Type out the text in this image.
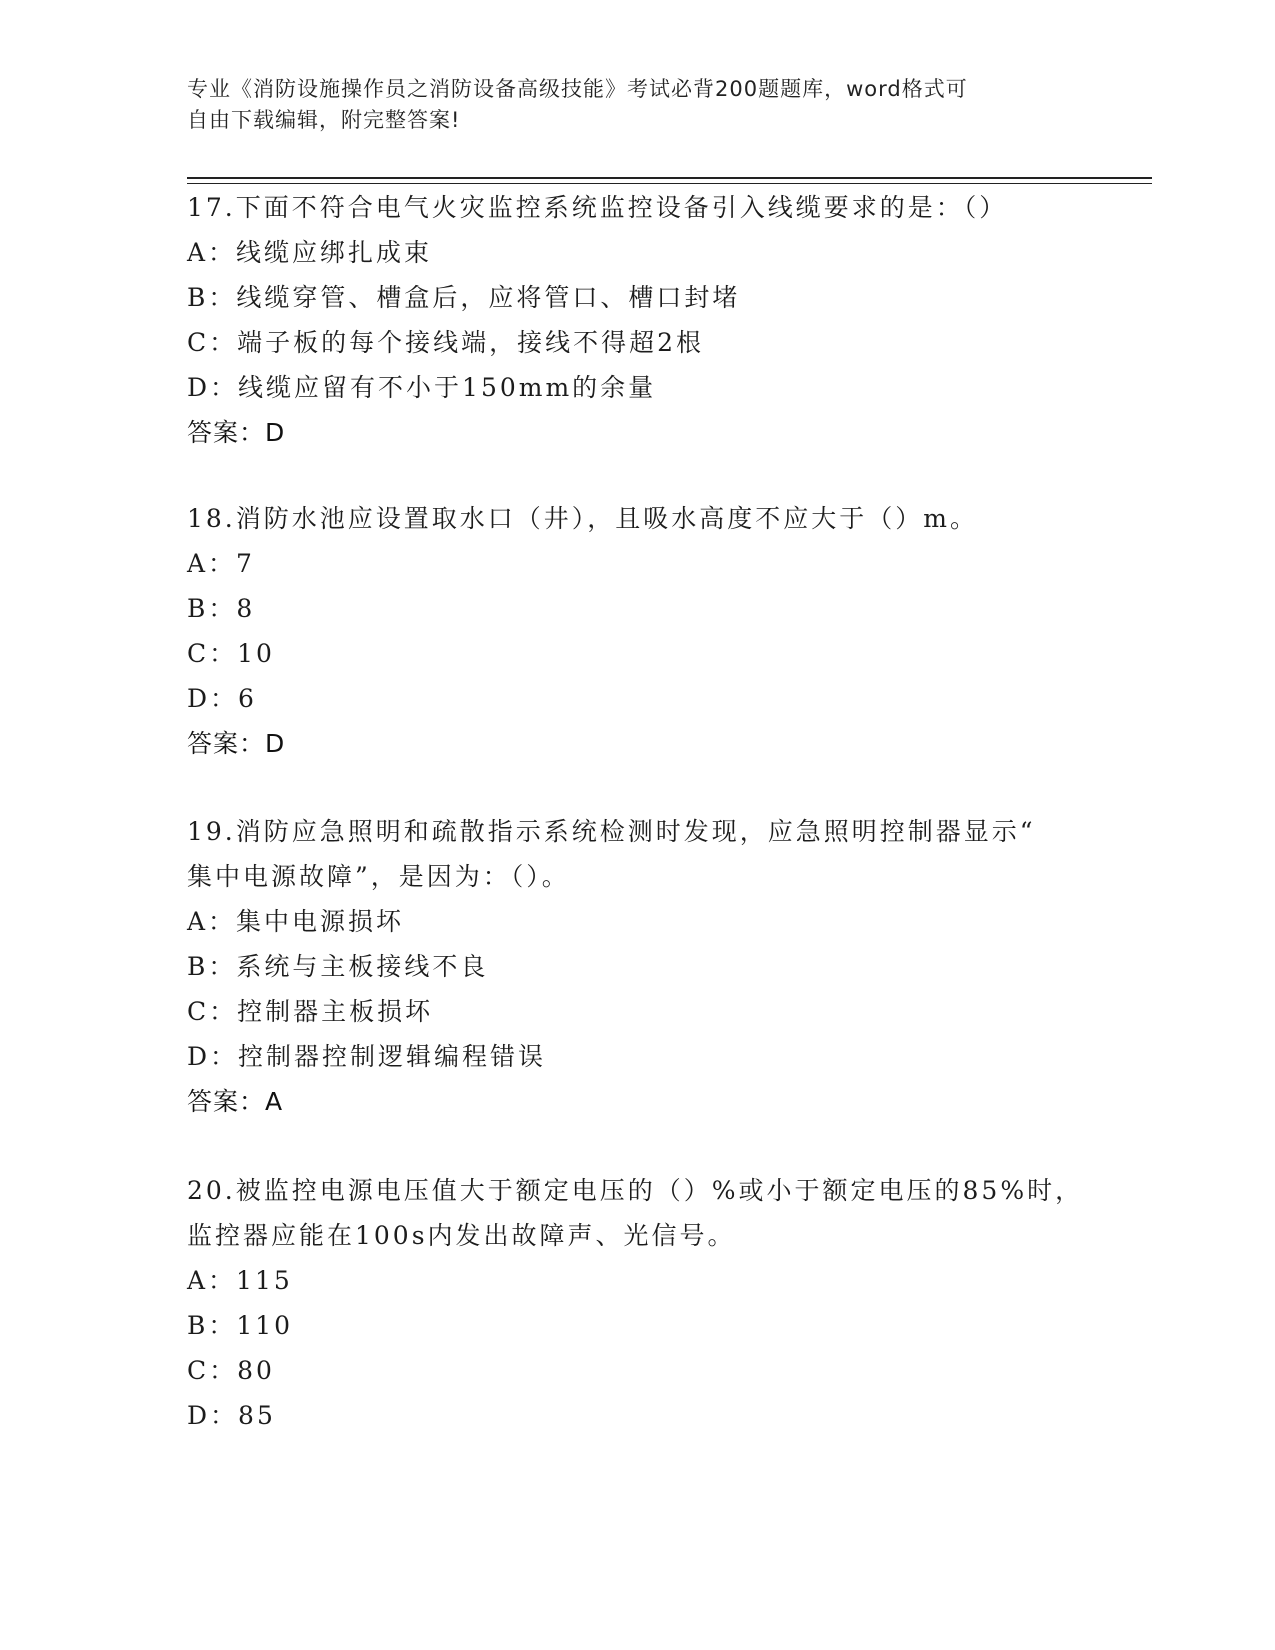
专业《消防设施操作员之消防设备高级技能》考试必背200题题库，word格式可
自由下载编辑，附完整答案!
17.下面不符合电气火灾监控系统监控设备引入线缆要求的是：（）
A：线缆应绑扎成束
B：线缆穿管、槽盒后，应将管口、槽口封堵
C：端子板的每个接线端，接线不得超2根
D：线缆应留有不小于150mm的余量
答案：D
18.消防水池应设置取水口（井），且吸水高度不应大于（）m。
A：7
B：8
C：10
D：6
答案：D
19.消防应急照明和疏散指示系统检测时发现，应急照明控制器显示“
集中电源故障”，是因为：（）。
A：集中电源损坏
B：系统与主板接线不良
C：控制器主板损坏
D：控制器控制逻辑编程错误
答案：A
20.被监控电源电压值大于额定电压的（）%或小于额定电压的85%时，
监控器应能在100s内发出故障声、光信号。
A：115
B：110
C：80
D：85
